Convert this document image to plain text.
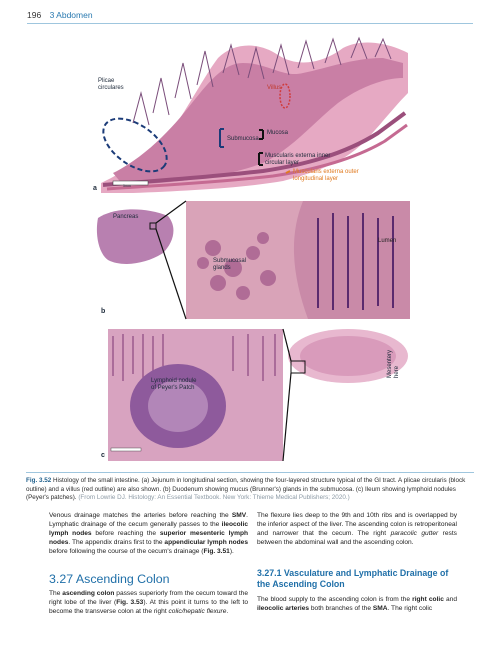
196 3 Abdomen
Plicae circulares	Villus
Submucosa
Mucosa
Muscularis externa inner circular layer
Muscularis externa outer longitudinal layer
5mm
a
Pancreas
Lumen
Submucosal glands
b
Lymphoid nodule of Peyer's Patch
Mesentery here
c
Fig. 3.52 Histology of the small intestine. (a) Jejunum in longitudinal section, showing the four-layered structure typical of the GI tract. A plicae circularis (block outline) and a villus (red outline) are also shown. (b) Duodenum showing mucus (Brunner's) glands in the submucosa. (c) Ileum showing lymphoid nodules (Peyer's patches). (From Lowrie DJ. Histology: An Essential Textbook. New York: Thieme Medical Publishers; 2020.)
Venous drainage matches the arteries before reaching the SMV. Lymphatic drainage of the cecum generally passes to the ileocolic lymph nodes before reaching the superior mesenteric lymph nodes. The appendix drains first to the appendicular lymph nodes before following the course of the cecum's drainage (Fig. 3.51).
The flexure lies deep to the 9th and 10th ribs and is overlapped by the inferior aspect of the liver. The ascending colon is retroperitoneal and narrower that the cecum. The right paracolic gutter rests between the abdominal wall and the ascending colon.
3.27 Ascending Colon
The ascending colon passes superiorly from the cecum toward the right lobe of the liver (Fig. 3.53). At this point it turns to the left to become the transverse colon at the right colic/hepatic flexure.
3.27.1 Vasculature and Lymphatic Drainage of the Ascending Colon
The blood supply to the ascending colon is from the right colic and ileocolic arteries both branches of the SMA. The right colic
